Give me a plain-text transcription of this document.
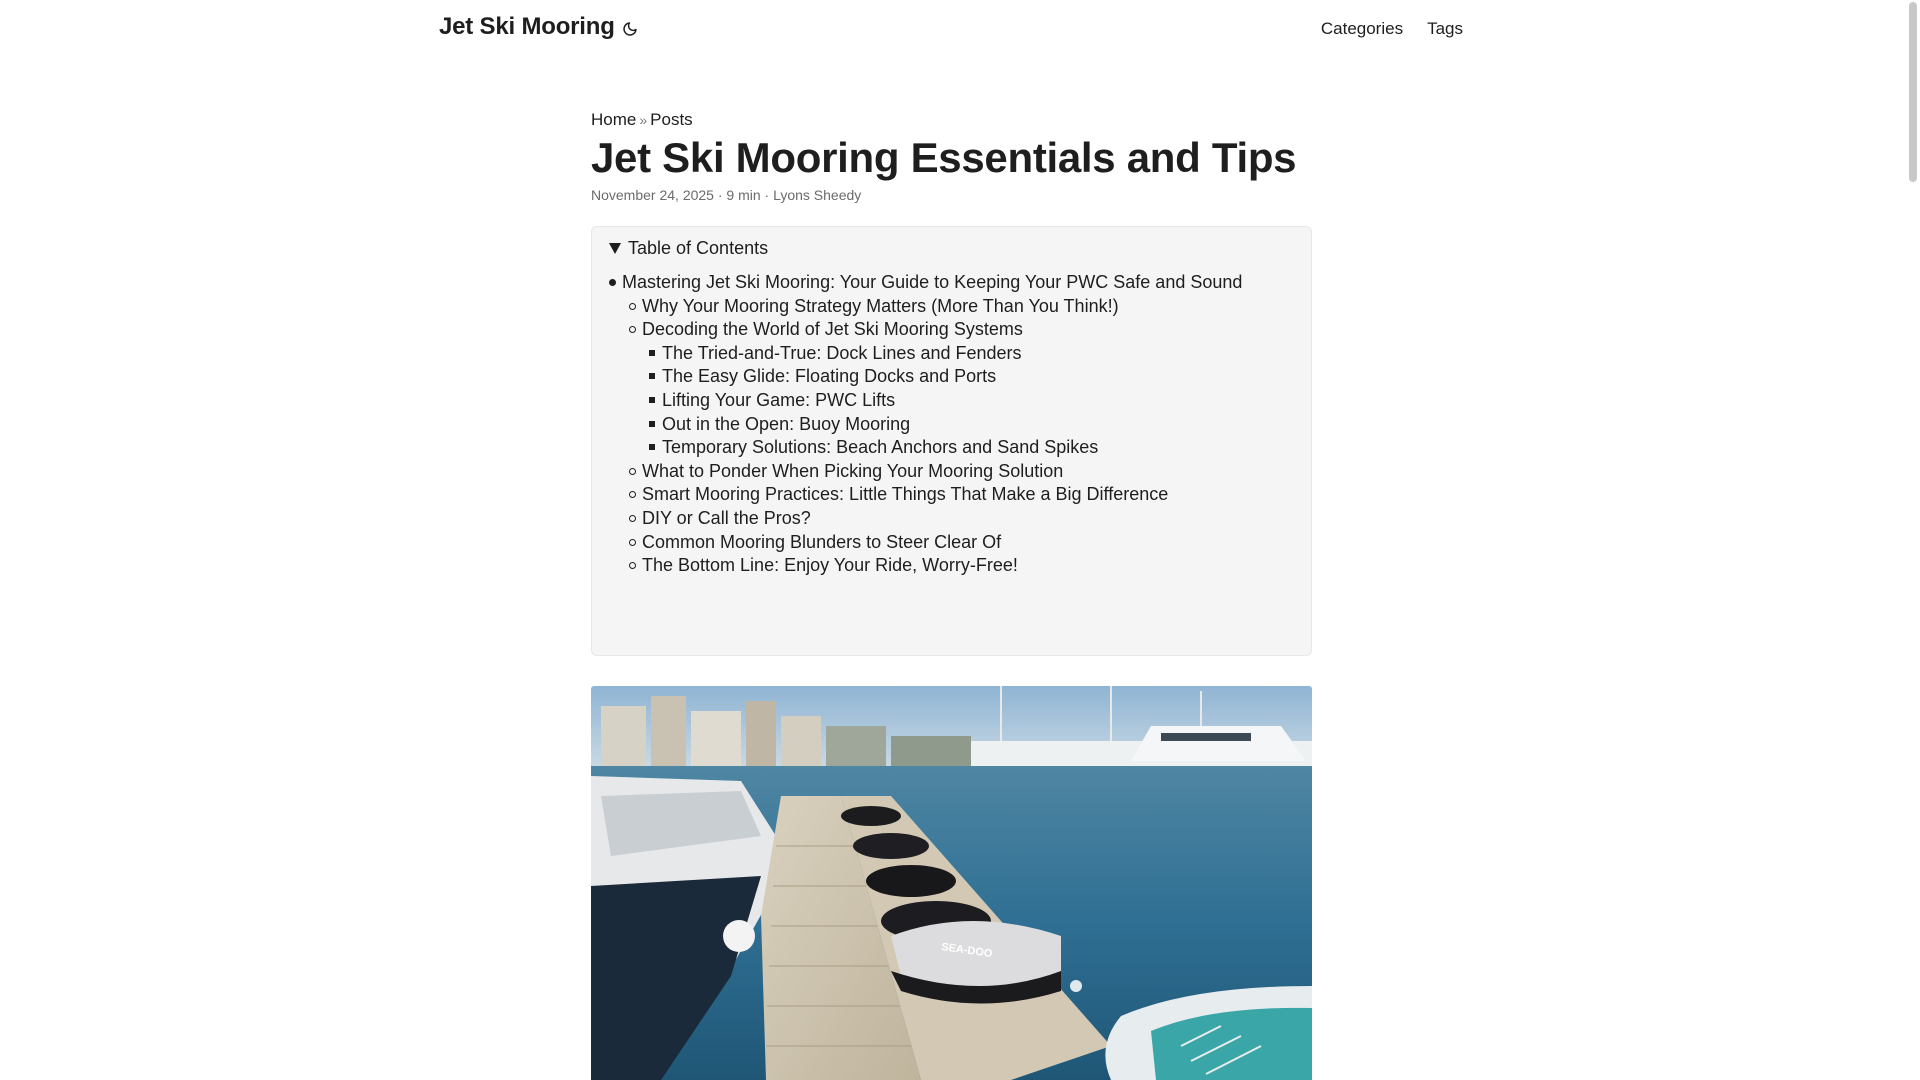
Jet Ski Mooring	Categories Tags
Home » Posts
Jet Ski Mooring Essentials and Tips
November 24, 2025 · 9 min · Lyons Sheedy
Table of Contents
Mastering Jet Ski Mooring: Your Guide to Keeping Your PWC Safe and Sound
Why Your Mooring Strategy Matters (More Than You Think!)
Decoding the World of Jet Ski Mooring Systems
The Tried-and-True: Dock Lines and Fenders
The Easy Glide: Floating Docks and Ports
Lifting Your Game: PWC Lifts
Out in the Open: Buoy Mooring
Temporary Solutions: Beach Anchors and Sand Spikes
What to Ponder When Picking Your Mooring Solution
Smart Mooring Practices: Little Things That Make a Big Difference
DIY or Call the Pros?
Common Mooring Blunders to Steer Clear Of
The Bottom Line: Enjoy Your Ride, Worry-Free!
SEA-DOO
